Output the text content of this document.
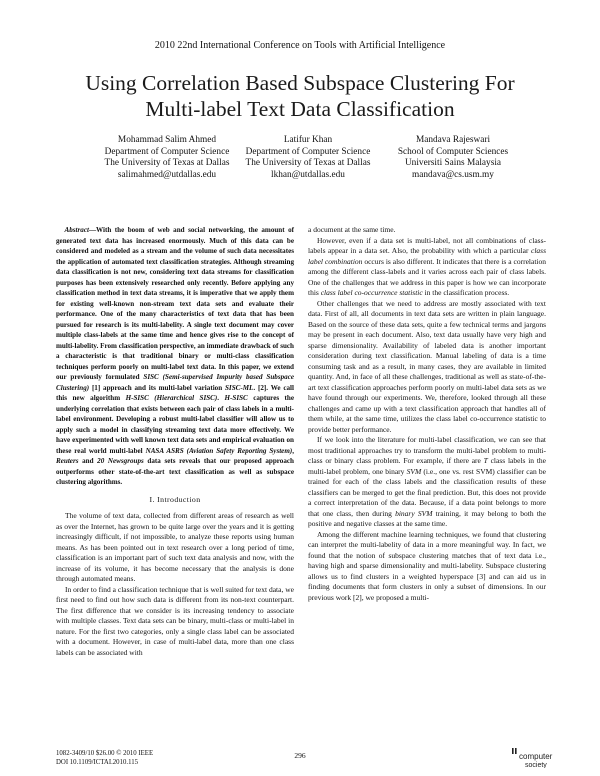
2010 22nd International Conference on Tools with Artificial Intelligence
Using Correlation Based Subspace Clustering For
Multi-label Text Data Classification
Mohammad Salim Ahmed
Department of Computer Science
The University of Texas at Dallas
salimahmed@utdallas.edu
Latifur Khan
Department of Computer Science
The University of Texas at Dallas
lkhan@utdallas.edu
Mandava Rajeswari
School of Computer Sciences
Universiti Sains Malaysia
mandava@cs.usm.my

Abstract—With the boom of web and social networking, the amount of generated text data has increased enormously. Much of this data can be considered and modeled as a stream and the volume of such data necessitates the application of automated text classification strategies. Although streaming data classification is not new, considering text data streams for classification purposes has been extensively researched only recently. Before applying any classification method in text data streams, it is imperative that we apply them for existing well-known non-stream text data sets and evaluate their performance. One of the many characteristics of text data that has been pursued for research is its multi-labelity. A single text document may cover multiple class-labels at the same time and hence gives rise to the concept of multi-labelity. From classification perspective, an immediate drawback of such a characteristic is that traditional binary or multi-class classification techniques perform poorly on multi-label text data. In this paper, we extend our previously formulated SISC (Semi-supervised Impurity based Subspace Clustering) [1] approach and its multi-label variation SISC-ML. [2]. We call this new algorithm H-SISC (Hierarchical SISC). H-SISC captures the underlying correlation that exists between each pair of class labels in a multi-label environment. Developing a robust multi-label classifier will allow us to apply such a model in classifying streaming text data more effectively. We have experimented with well known text data sets and empirical evaluation on these real world multi-label NASA ASRS (Aviation Safety Reporting System), Reuters and 20 Newsgroups data sets reveals that our proposed approach outperforms other state-of-the-art text classification as well as subspace clustering algorithms.

I. Introduction

The volume of text data, collected from different areas of research as well as over the Internet, has grown to be quite large over the years and it is getting increasingly difficult, if not impossible, to analyze these reports using human means. As has been pointed out in text research over a long period of time, classification is an important part of such text data analysis and now, with the increase of its volume, it has become necessary that the analysis is done through automated means.

In order to find a classification technique that is well suited for text data, we first need to find out how such data is different from its non-text counterpart. The first difference that we consider is its increasing tendency to associate with multiple classes. Text data sets can be binary, multi-class or multi-label in nature. For the first two categories, only a single class label can be associated with a document. However, in case of multi-label data, more than one class labels can be associated with

a document at the same time.

However, even if a data set is multi-label, not all combinations of class-labels appear in a data set. Also, the probability with which a particular class label combination occurs is also different. It indicates that there is a correlation among the different class-labels and it varies across each pair of class labels. One of the challenges that we address in this paper is how we can incorporate this class label co-occurrence statistic in the classification process.

Other challenges that we need to address are mostly associated with text data. First of all, all documents in text data sets are written in plain language. Based on the source of these data sets, quite a few technical terms and jargons may be present in each document. Also, text data usually have very high and sparse dimensionality. Availability of labeled data is another important consideration during text classification. Manual labeling of data is a time consuming task and as a result, in many cases, they are available in limited quantity. And, in face of all these challenges, traditional as well as state-of-the-art text classification approaches perform poorly on multi-label data sets as we have found through our experiments. We, therefore, looked through all these challenges and came up with a text classification approach that handles all of them while, at the same time, utilizes the class label co-occurrence statistic to provide better performance.

If we look into the literature for multi-label classification, we can see that most traditional approaches try to transform the multi-label problem to multi-class or binary class problem. For example, if there are T class labels in the multi-label problem, one binary SVM (i.e., one vs. rest SVM) classifier can be trained for each of the class labels and the classification results of these classifiers can be merged to get the final prediction. But, this does not provide a correct interpretation of the data. Because, if a data point belongs to more that one class, then during binary SVM training, it may belong to both the positive and negative classes at the same time.

Among the different machine learning techniques, we found that clustering can interpret the multi-labelity of data in a more meaningful way. In fact, we found that the notion of subspace clustering matches that of text data i.e., having high and sparse dimensionality and multi-labelity. Subspace clustering allows us to find clusters in a weighted hyperspace [3] and can aid us in finding documents that form clusters in only a subset of dimensions. In our previous work [2], we proposed a multi-

1082-3409/10 $26.00 © 2010 IEEE
DOI 10.1109/ICTAI.2010.115
296	computer
society
